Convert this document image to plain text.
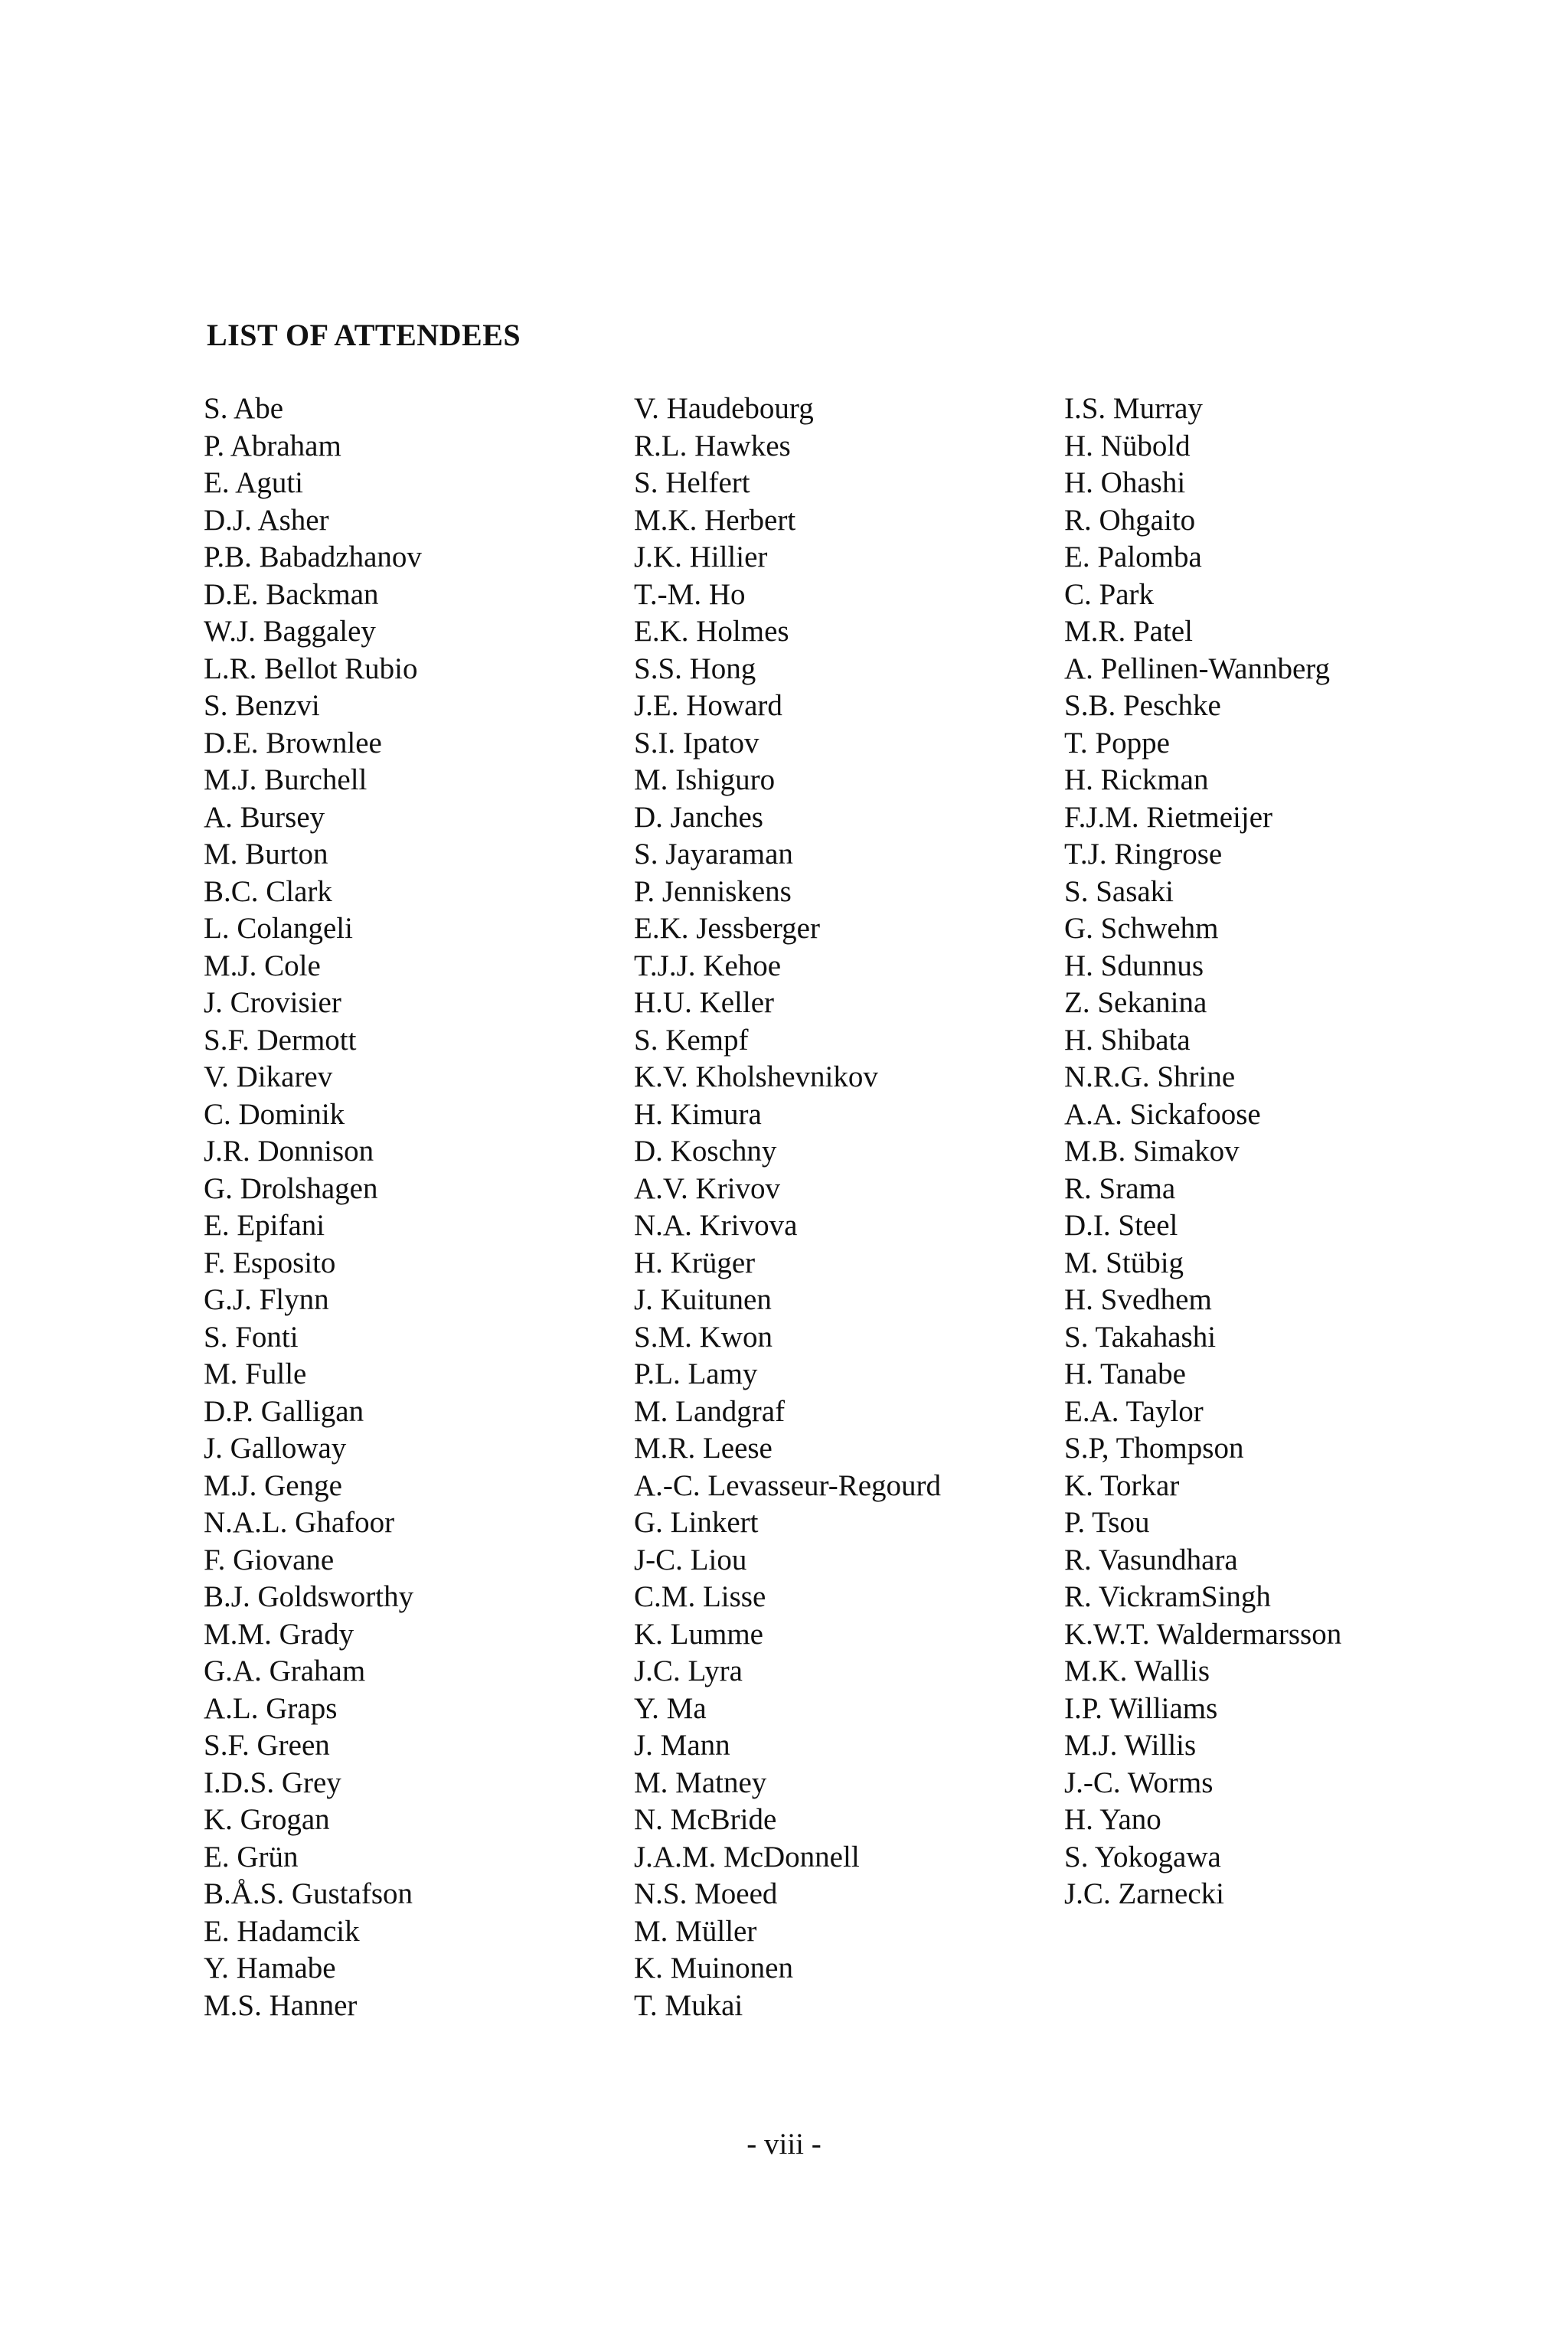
LIST OF ATTENDEES
S. Abe
P. Abraham
E. Aguti
D.J. Asher
P.B. Babadzhanov
D.E. Backman
W.J. Baggaley
L.R. Bellot Rubio
S. Benzvi
D.E. Brownlee
M.J. Burchell
A. Bursey
M. Burton
B.C. Clark
L. Colangeli
M.J. Cole
J. Crovisier
S.F. Dermott
V. Dikarev
C. Dominik
J.R. Donnison
G. Drolshagen
E. Epifani
F. Esposito
G.J. Flynn
S. Fonti
M. Fulle
D.P. Galligan
J. Galloway
M.J. Genge
N.A.L. Ghafoor
F. Giovane
B.J. Goldsworthy
M.M. Grady
G.A. Graham
A.L. Graps
S.F. Green
I.D.S. Grey
K. Grogan
E. Grün
B.Å.S. Gustafson
E. Hadamcik
Y. Hamabe
M.S. Hanner
V. Haudebourg
R.L. Hawkes
S. Helfert
M.K. Herbert
J.K. Hillier
T.-M. Ho
E.K. Holmes
S.S. Hong
J.E. Howard
S.I. Ipatov
M. Ishiguro
D. Janches
S. Jayaraman
P. Jenniskens
E.K. Jessberger
T.J.J. Kehoe
H.U. Keller
S. Kempf
K.V. Kholshevnikov
H. Kimura
D. Koschny
A.V. Krivov
N.A. Krivova
H. Krüger
J. Kuitunen
S.M. Kwon
P.L. Lamy
M. Landgraf
M.R. Leese
A.-C. Levasseur-Regourd
G. Linkert
J-C. Liou
C.M. Lisse
K. Lumme
J.C. Lyra
Y. Ma
J. Mann
M. Matney
N. McBride
J.A.M. McDonnell
N.S. Moeed
M. Müller
K. Muinonen
T. Mukai
I.S. Murray
H. Nübold
H. Ohashi
R. Ohgaito
E. Palomba
C. Park
M.R. Patel
A. Pellinen-Wannberg
S.B. Peschke
T. Poppe
H. Rickman
F.J.M. Rietmeijer
T.J. Ringrose
S. Sasaki
G. Schwehm
H. Sdunnus
Z. Sekanina
H. Shibata
N.R.G. Shrine
A.A. Sickafoose
M.B. Simakov
R. Srama
D.I. Steel
M. Stübig
H. Svedhem
S. Takahashi
H. Tanabe
E.A. Taylor
S.P, Thompson
K. Torkar
P. Tsou
R. Vasundhara
R. VickramSingh
K.W.T. Waldermarsson
M.K. Wallis
I.P. Williams
M.J. Willis
J.-C. Worms
H. Yano
S. Yokogawa
J.C. Zarnecki
- viii -
